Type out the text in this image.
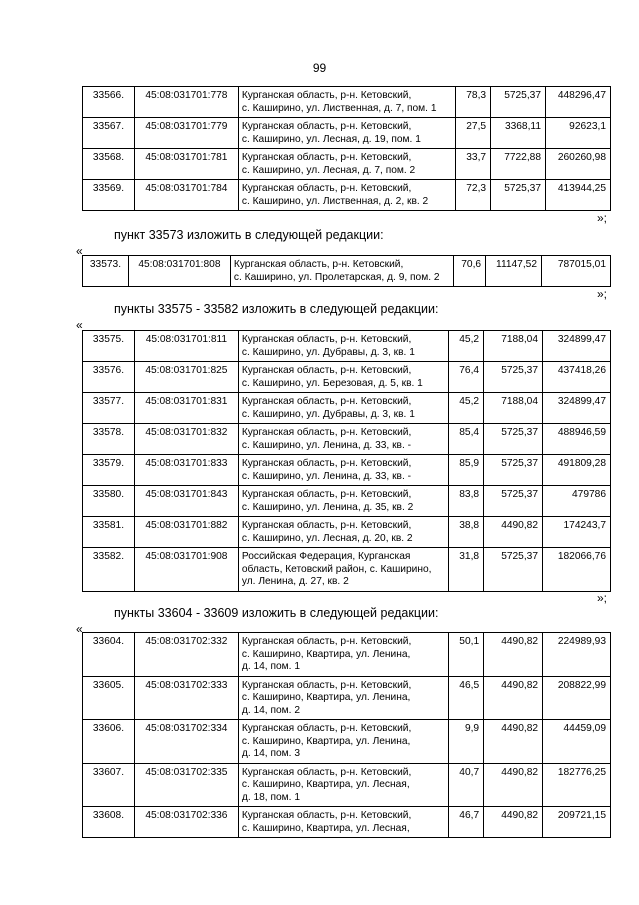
99
33566.	45:08:031701:778	Курганская область, р-н. Кетовский,
с. Каширино, ул. Лиственная, д. 7, пом. 1	78,3	5725,37	448296,47
33567.	45:08:031701:779	Курганская область, р-н. Кетовский,
с. Каширино, ул. Лесная, д. 19, пом. 1	27,5	3368,11	92623,1
33568.	45:08:031701:781	Курганская область, р-н. Кетовский,
с. Каширино, ул. Лесная, д. 7, пом. 2	33,7	7722,88	260260,98
33569.	45:08:031701:784	Курганская область, р-н. Кетовский,
с. Каширино, ул. Лиственная, д. 2, кв. 2	72,3	5725,37	413944,25
»;
пункт 33573 изложить в следующей редакции:
«
33573.	45:08:031701:808	Курганская область, р-н. Кетовский,
с. Каширино, ул. Пролетарская, д. 9, пом. 2
	70,6	11147,52	787015,01
»;
пункты 33575 - 33582 изложить в следующей редакции:
«
33575.	45:08:031701:811	Курганская область, р-н. Кетовский,
с. Каширино, ул. Дубравы, д. 3, кв. 1	45,2	7188,04	324899,47
33576.	45:08:031701:825	Курганская область, р-н. Кетовский,
с. Каширино, ул. Березовая, д. 5, кв. 1	76,4	5725,37	437418,26
33577.	45:08:031701:831	Курганская область, р-н. Кетовский,
с. Каширино, ул. Дубравы, д. 3, кв. 1	45,2	7188,04	324899,47
33578.	45:08:031701:832	Курганская область, р-н. Кетовский,
с. Каширино, ул. Ленина, д. 33, кв. -	85,4	5725,37	488946,59
33579.	45:08:031701:833	Курганская область, р-н. Кетовский,
с. Каширино, ул. Ленина, д. 33, кв. -	85,9	5725,37	491809,28
33580.	45:08:031701:843	Курганская область, р-н. Кетовский,
с. Каширино, ул. Ленина, д. 35, кв. 2	83,8	5725,37	479786
33581.	45:08:031701:882	Курганская область, р-н. Кетовский,
с. Каширино, ул. Лесная, д. 20, кв. 2	38,8	4490,82	174243,7
33582.	45:08:031701:908	Российская Федерация, Курганская
область, Кетовский район, с. Каширино,
ул. Ленина, д. 27, кв. 2	31,8	5725,37	182066,76
»;
пункты 33604 - 33609 изложить в следующей редакции:
«
33604.	45:08:031702:332	Курганская область, р-н. Кетовский,
с. Каширино, Квартира, ул. Ленина,
д. 14, пом. 1	50,1	4490,82	224989,93
33605.	45:08:031702:333	Курганская область, р-н. Кетовский,
с. Каширино, Квартира, ул. Ленина,
д. 14, пом. 2	46,5	4490,82	208822,99
33606.	45:08:031702:334	Курганская область, р-н. Кетовский,
с. Каширино, Квартира, ул. Ленина,
д. 14, пом. 3	9,9	4490,82	44459,09
33607.	45:08:031702:335	Курганская область, р-н. Кетовский,
с. Каширино, Квартира, ул. Лесная,
д. 18, пом. 1	40,7	4490,82	182776,25
33608.	45:08:031702:336	Курганская область, р-н. Кетовский,
с. Каширино, Квартира, ул. Лесная,	46,7	4490,82	209721,15
